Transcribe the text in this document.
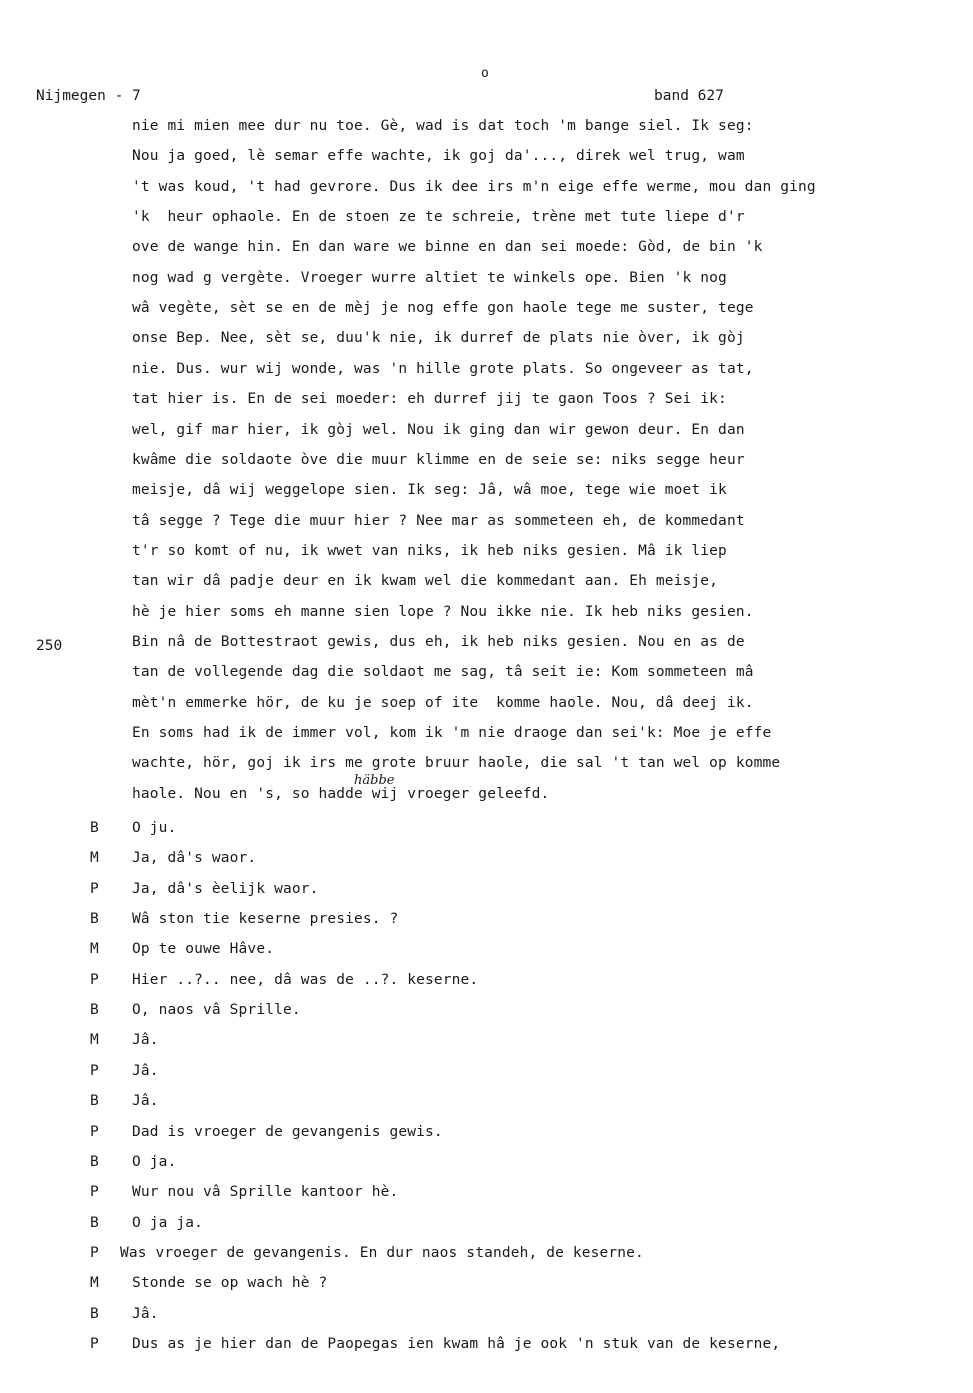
o
Nijmegen - 7	band 627
nie mi mien mee dur nu toe. Gè, wad is dat toch 'm bange siel. Ik seg:
Nou ja goed, lè semar effe wachte, ik goj da'..., direk wel trug, wam
't was koud, 't had gevrore. Dus ik dee irs m'n eige effe werme, mou dan ging
'k  heur ophaole. En de stoen ze te schreie, trène met tute liepe d'r
ove de wange hin. En dan ware we binne en dan sei moede: Gòd, de bin 'k
nog wad g vergète. Vroeger wurre altiet te winkels ope. Bien 'k nog
wâ vegète, sèt se en de mèj je nog effe gon haole tege me suster, tege
onse Bep. Nee, sèt se, duu'k nie, ik durref de plats nie òver, ik gòj
nie. Dus. wur wij wonde, was 'n hille grote plats. So ongeveer as tat,
tat hier is. En de sei moeder: eh durref jij te gaon Toos ? Sei ik:
wel, gif mar hier, ik gòj wel. Nou ik ging dan wir gewon deur. En dan
kwâme die soldaote òve die muur klimme en de seie se: niks segge heur
meisje, dâ wij weggelope sien. Ik seg: Jâ, wâ moe, tege wie moet ik
tâ segge ? Tege die muur hier ? Nee mar as sommeteen eh, de kommedant
t'r so komt of nu, ik wwet van niks, ik heb niks gesien. Mâ ik liep
tan wir dâ padje deur en ik kwam wel die kommedant aan. Eh meisje,
hè je hier soms eh manne sien lope ? Nou ikke nie. Ik heb niks gesien.
Bin nâ de Bottestraot gewis, dus eh, ik heb niks gesien. Nou en as de
tan de vollegende dag die soldaot me sag, tâ seit ie: Kom sommeteen mâ
mèt'n emmerke hör, de ku je soep of ite  komme haole. Nou, dâ deej ik.
En soms had ik de immer vol, kom ik 'm nie draoge dan sei'k: Moe je effe
wachte, hör, goj ik irs me grote bruur haole, die sal 't tan wel op komme
haole. Nou en 's, so hadde wij vroeger geleefd.
250
häbbe
B O ju.
M Ja, dâ's waor.
P Ja, dâ's èelijk waor.
B Wâ ston tie keserne presies. ?
M Op te ouwe Hâve.
P Hier ..?.. nee, dâ was de ..?. keserne.
B O, naos vâ Sprille.
M Jâ.
P Jâ.
B Jâ.
P Dad is vroeger de gevangenis gewis.
B O ja.
P Wur nou vâ Sprille kantoor hè.
B O ja ja.
P Was vroeger de gevangenis. En dur naos standeh, de keserne.
M Stonde se op wach hè ?
B Jâ.
P Dus as je hier dan de Paopegas ien kwam hâ je ook 'n stuk van de keserne,
